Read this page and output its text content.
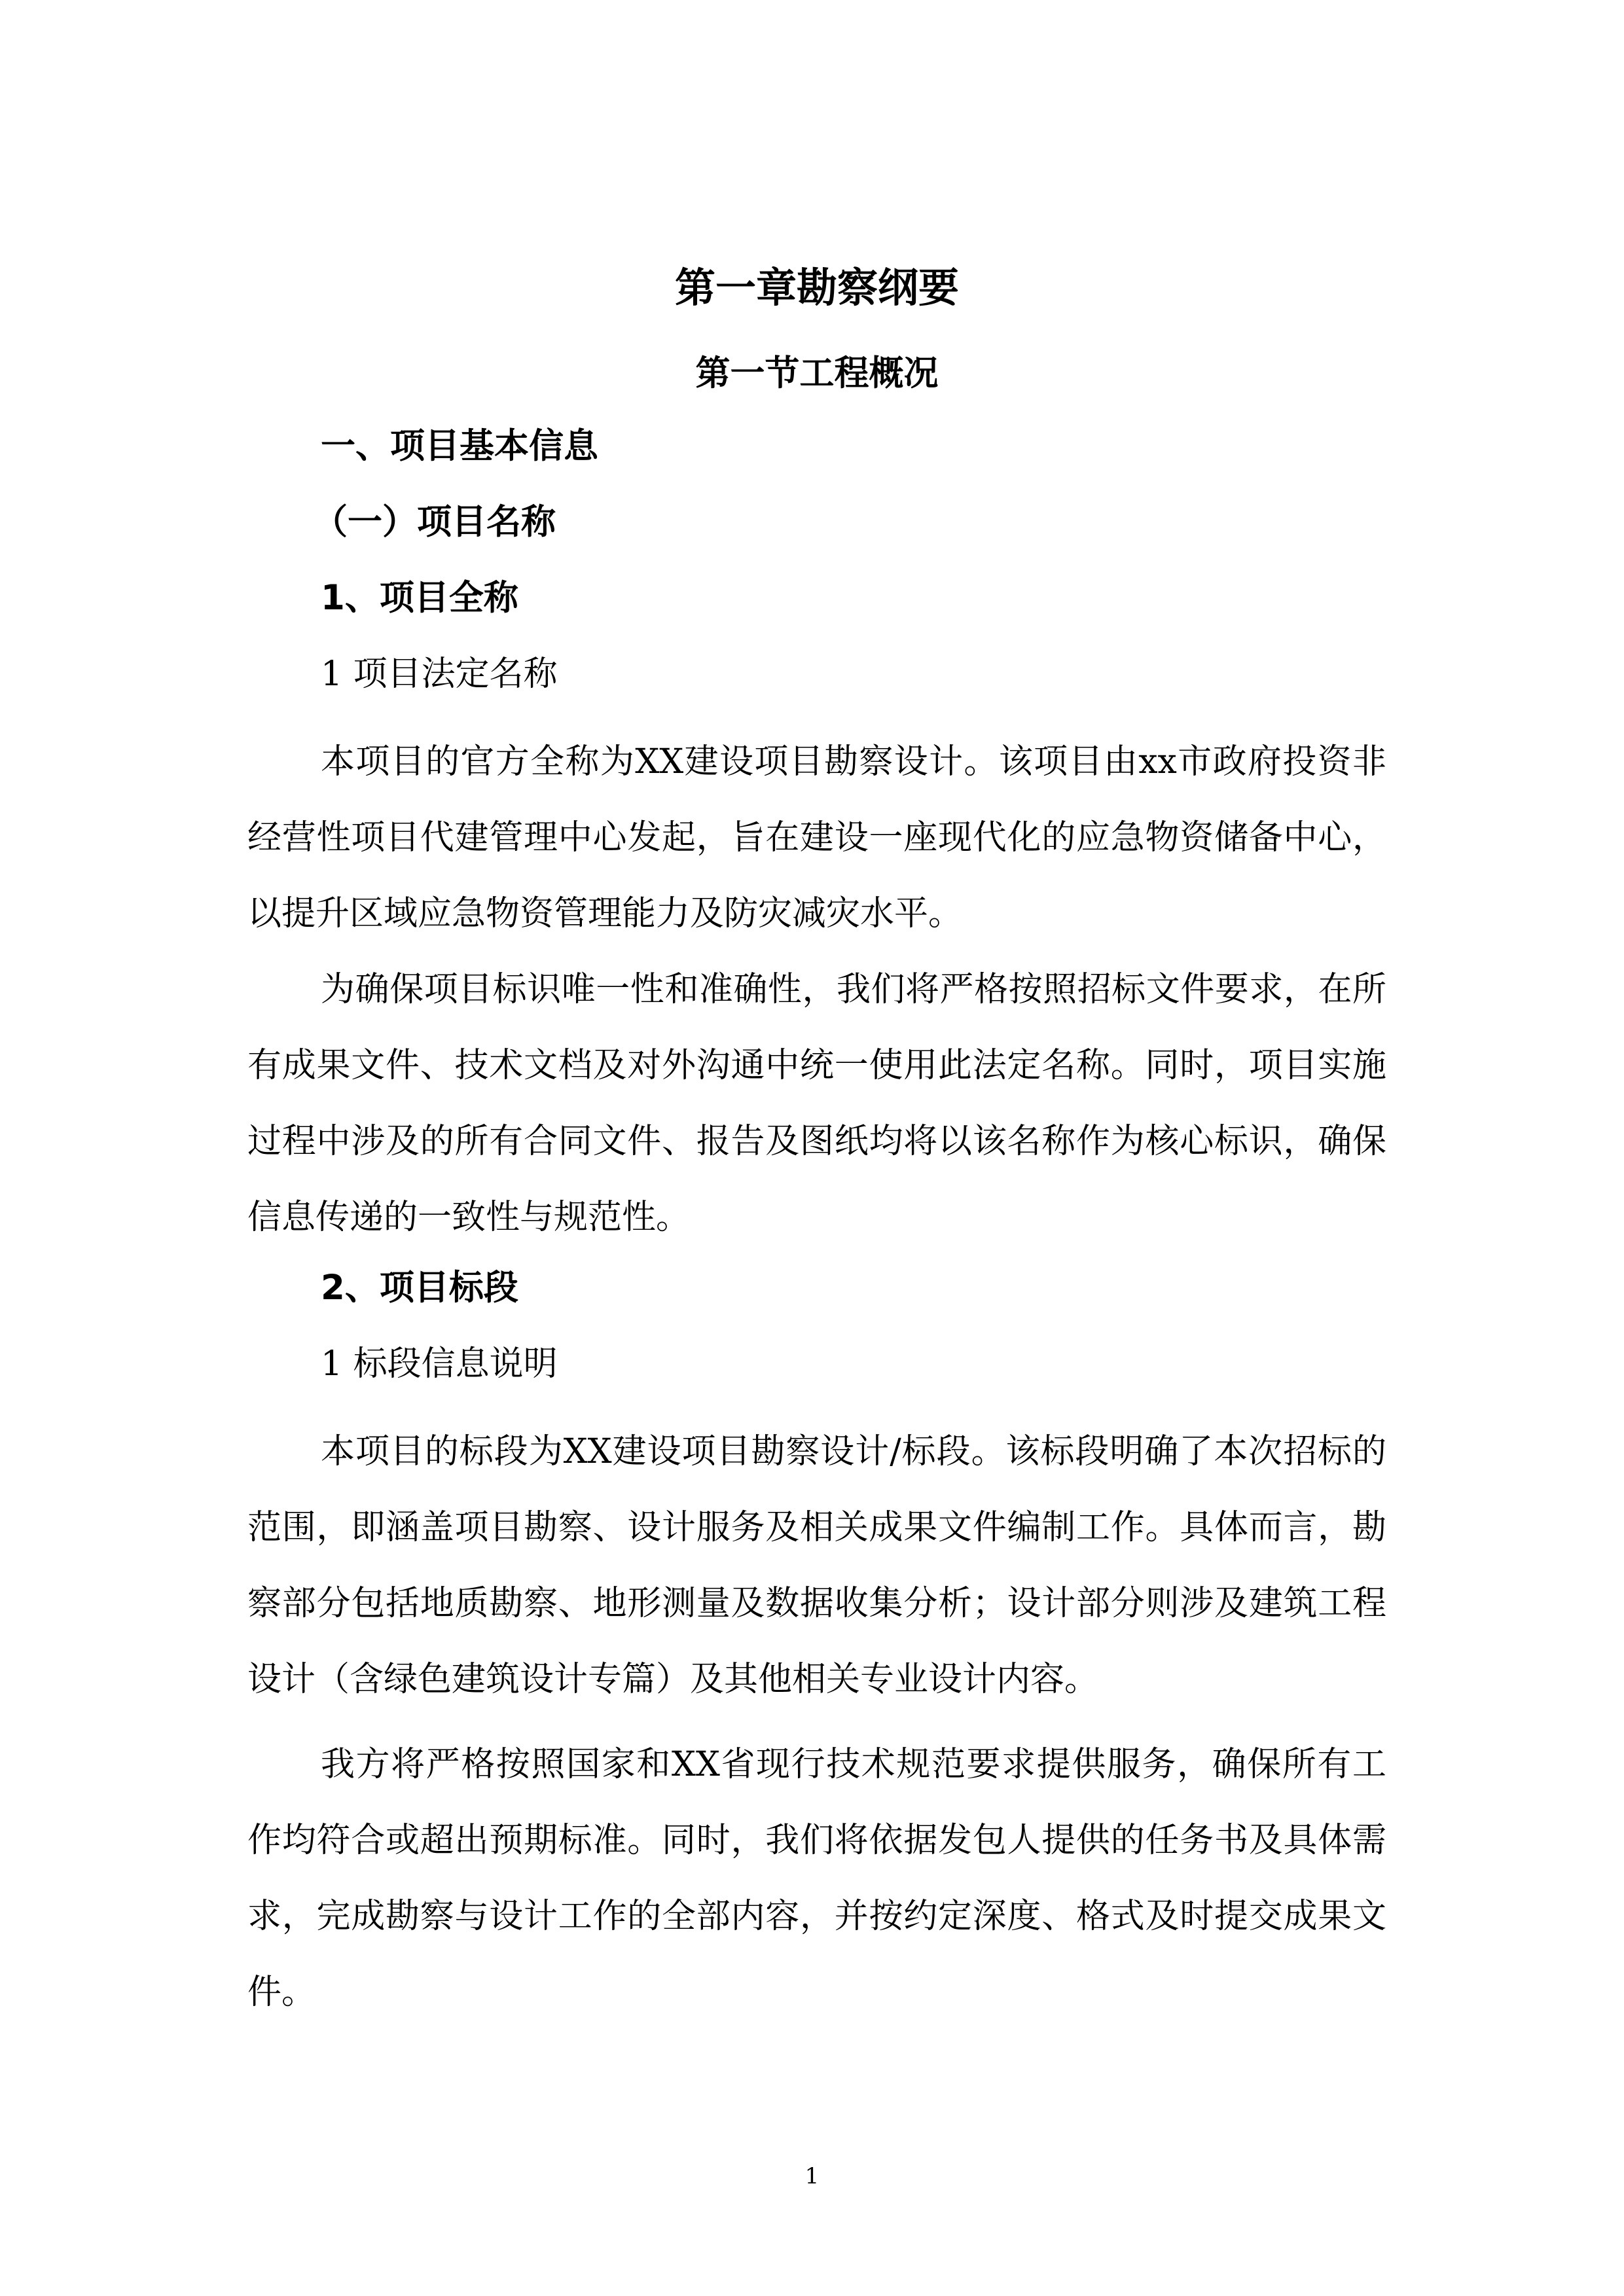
第一章勘察纲要
第一节工程概况
一、项目基本信息
（一）项目名称
1、项目全称
1 项目法定名称

本项目的官方全称为XX建设项目勘察设计。该项目由xx市政府投资非经营性项目代建管理中心发起，旨在建设一座现代化的应急物资储备中心，以提升区域应急物资管理能力及防灾减灾水平。

为确保项目标识唯一性和准确性，我们将严格按照招标文件要求，在所有成果文件、技术文档及对外沟通中统一使用此法定名称。同时，项目实施过程中涉及的所有合同文件、报告及图纸均将以该名称作为核心标识，确保信息传递的一致性与规范性。

2、项目标段
1 标段信息说明

本项目的标段为XX建设项目勘察设计/标段。该标段明确了本次招标的范围，即涵盖项目勘察、设计服务及相关成果文件编制工作。具体而言，勘察部分包括地质勘察、地形测量及数据收集分析；设计部分则涉及建筑工程设计（含绿色建筑设计专篇）及其他相关专业设计内容。

我方将严格按照国家和XX省现行技术规范要求提供服务，确保所有工作均符合或超出预期标准。同时，我们将依据发包人提供的任务书及具体需求，完成勘察与设计工作的全部内容，并按约定深度、格式及时提交成果文件。

1
